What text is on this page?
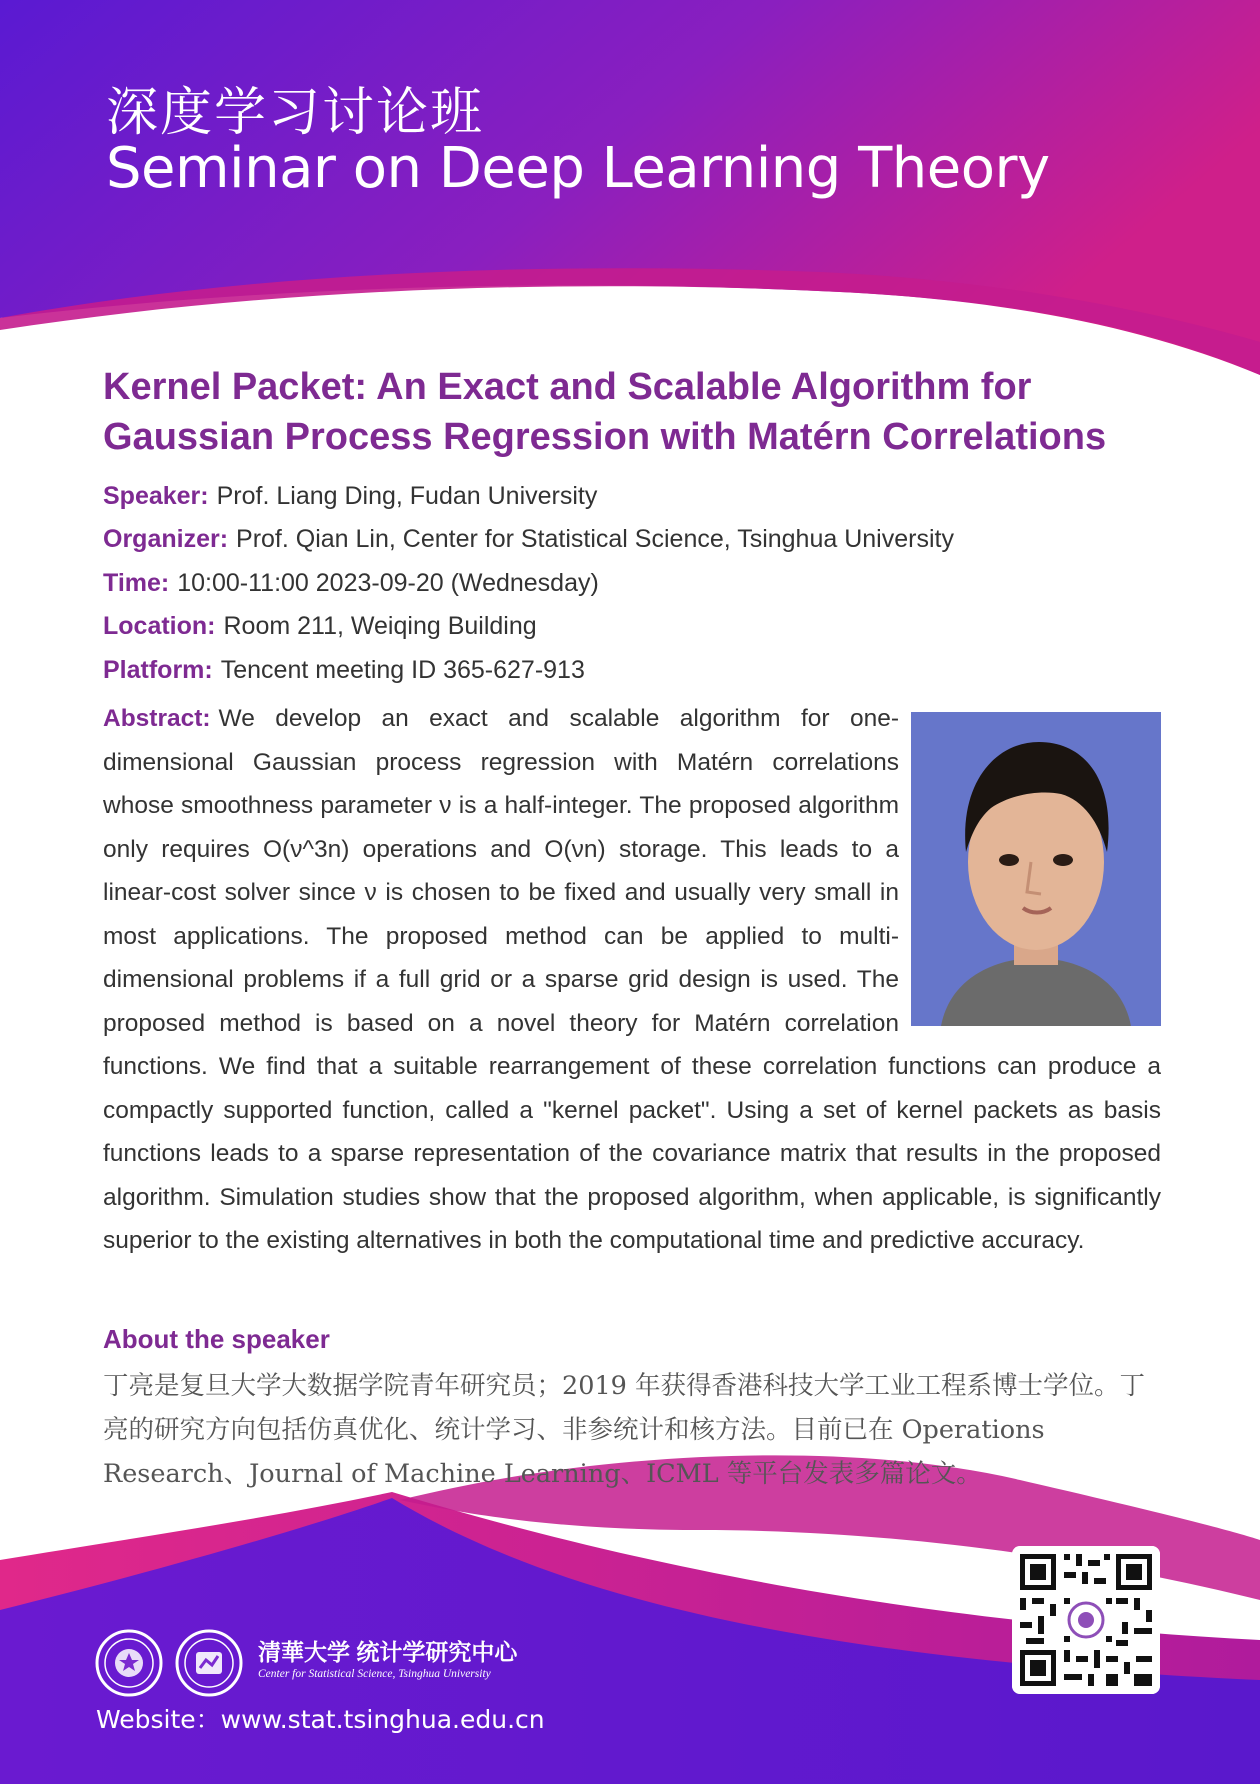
深度学习讨论班
Seminar on Deep Learning Theory
Kernel Packet: An Exact and Scalable Algorithm for Gaussian Process Regression with Matérn Correlations
Speaker: Prof. Liang Ding, Fudan University
Organizer: Prof. Qian Lin, Center for Statistical Science, Tsinghua University
Time: 10:00-11:00 2023-09-20 (Wednesday)
Location: Room 211, Weiqing Building
Platform: Tencent meeting ID 365-627-913

Abstract: We develop an exact and scalable algorithm for one-dimensional Gaussian process regression with Matérn correlations whose smoothness parameter ν is a half-integer. The proposed algorithm only requires O(ν^3n) operations and O(νn) storage. This leads to a linear-cost solver since ν is chosen to be fixed and usually very small in most applications. The proposed method can be applied to multi-dimensional problems if a full grid or a sparse grid design is used. The proposed method is based on a novel theory for Matérn correlation functions. We find that a suitable rearrangement of these correlation functions can produce a compactly supported function, called a "kernel packet". Using a set of kernel packets as basis functions leads to a sparse representation of the covariance matrix that results in the proposed algorithm. Simulation studies show that the proposed algorithm, when applicable, is significantly superior to the existing alternatives in both the computational time and predictive accuracy.

About the speaker

丁亮是复旦大学大数据学院青年研究员；2019 年获得香港科技大学工业工程系博士学位。丁亮的研究方向包括仿真优化、统计学习、非参统计和核方法。目前已在 Operations Research、Journal of Machine Learning、ICML 等平台发表多篇论文。

清華大学 统计学研究中心
Center for Statistical Science, Tsinghua University
Website：www.stat.tsinghua.edu.cn
